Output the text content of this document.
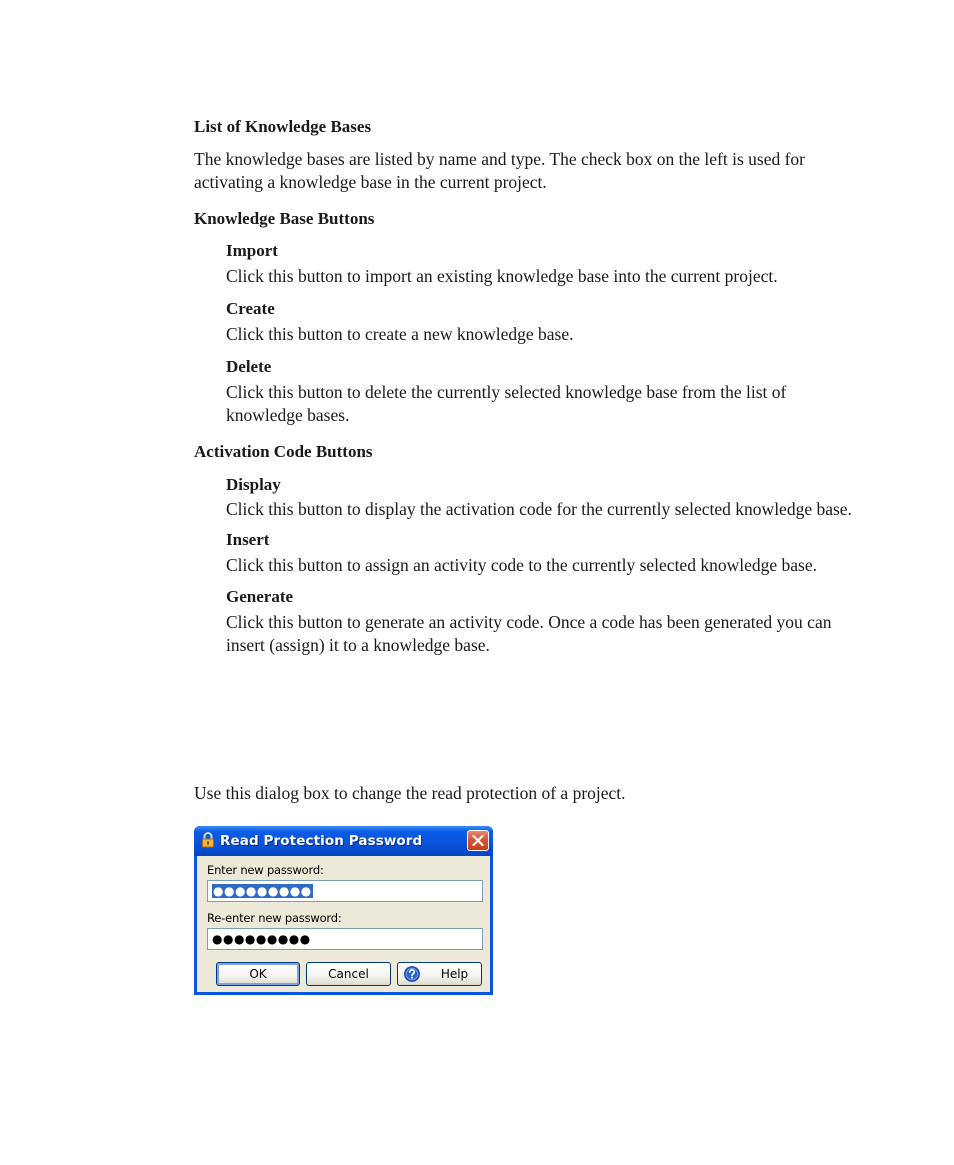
List of Knowledge Bases

The knowledge bases are listed by name and type. The check box on the left is used for activating a knowledge base in the current project.

Knowledge Base Buttons

Import

Click this button to import an existing knowledge base into the current project.

Create

Click this button to create a new knowledge base.

Delete

Click this button to delete the currently selected knowledge base from the list of knowledge bases.

Activation Code Buttons

Display

Click this button to display the activation code for the currently selected knowledge base.

Insert

Click this button to assign an activity code to the currently selected knowledge base.

Generate

Click this button to generate an activity code. Once a code has been generated you can insert (assign) it to a knowledge base.

Use this dialog box to change the read protection of a project.

Read Protection Password
Enter new password:
●●●●●●●●●
Re-enter new password:
●●●●●●●●●
OK	Cancel	Help
